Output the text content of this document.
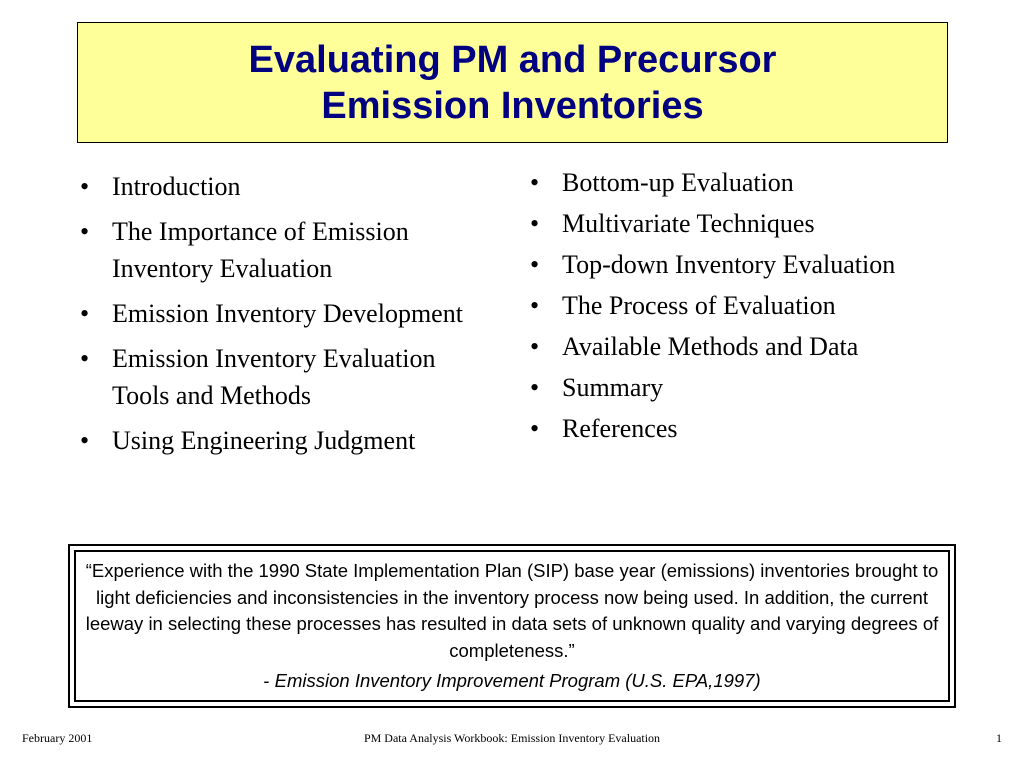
Evaluating PM and Precursor
Emission Inventories
• Introduction
• The Importance of Emission Inventory Evaluation
• Emission Inventory Development
• Emission Inventory Evaluation Tools and Methods
• Using Engineering Judgment
• Bottom-up Evaluation
• Multivariate Techniques
• Top-down Inventory Evaluation
• The Process of Evaluation
• Available Methods and Data
• Summary
• References
“Experience with the 1990 State Implementation Plan (SIP) base year (emissions) inventories brought to light deficiencies and inconsistencies in the inventory process now being used. In addition, the current leeway in selecting these processes has resulted in data sets of unknown quality and varying degrees of completeness.”
- Emission Inventory Improvement Program (U.S. EPA,1997)
February 2001	PM Data Analysis Workbook: Emission Inventory Evaluation	1
